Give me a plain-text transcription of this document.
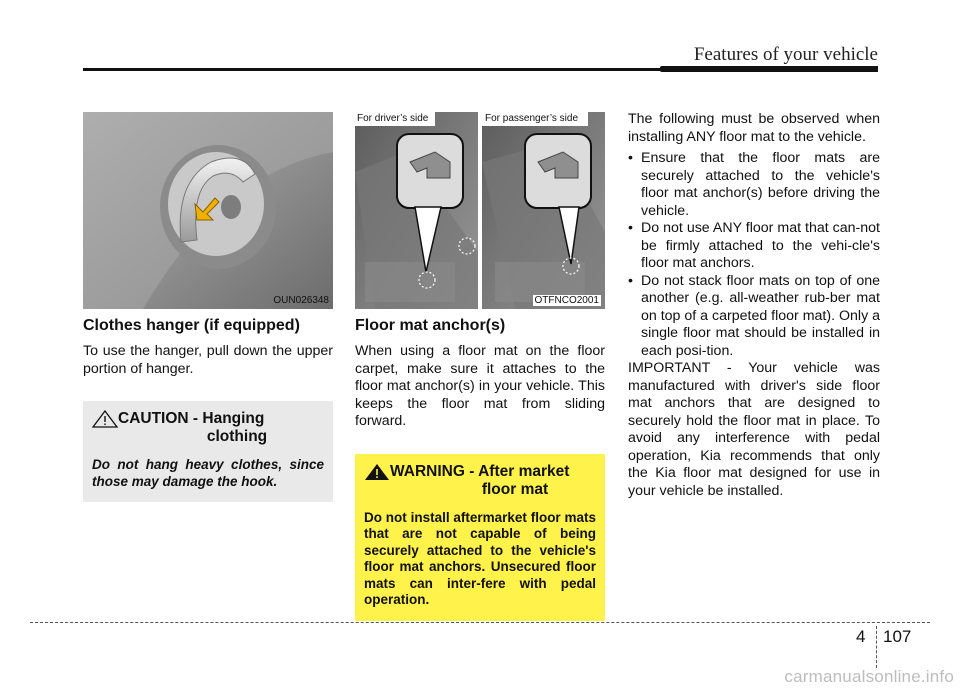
Features of your vehicle
OUN026348
Clothes hanger (if equipped)
To use the hanger, pull down the upper portion of hanger.
CAUTION - Hanging
clothing
Do not hang heavy clothes, since those may damage the hook.
For driver’s side	For passenger’s side
OTFNCO2001
Floor mat anchor(s)
When using a floor mat on the floor carpet, make sure it attaches to the floor mat anchor(s) in your vehicle. This keeps the floor mat from sliding forward.
WARNING - After market
floor mat
Do not install aftermarket floor mats that are not capable of being securely attached to the vehicle's floor mat anchors. Unsecured floor mats can inter-fere with pedal operation.
The following must be observed when installing ANY floor mat to the vehicle.
• Ensure that the floor mats are securely attached to the vehicle's floor mat anchor(s) before driving the vehicle.
• Do not use ANY floor mat that can-not be firmly attached to the vehi-cle's floor mat anchors.
• Do not stack floor mats on top of one another (e.g. all-weather rub-ber mat on top of a carpeted floor mat). Only a single floor mat should be installed in each posi-tion.
IMPORTANT - Your vehicle was manufactured with driver's side floor mat anchors that are designed to securely hold the floor mat in place. To avoid any interference with pedal operation, Kia recommends that only the Kia floor mat designed for use in your vehicle be installed.
4 107
carmanualsonline.info
